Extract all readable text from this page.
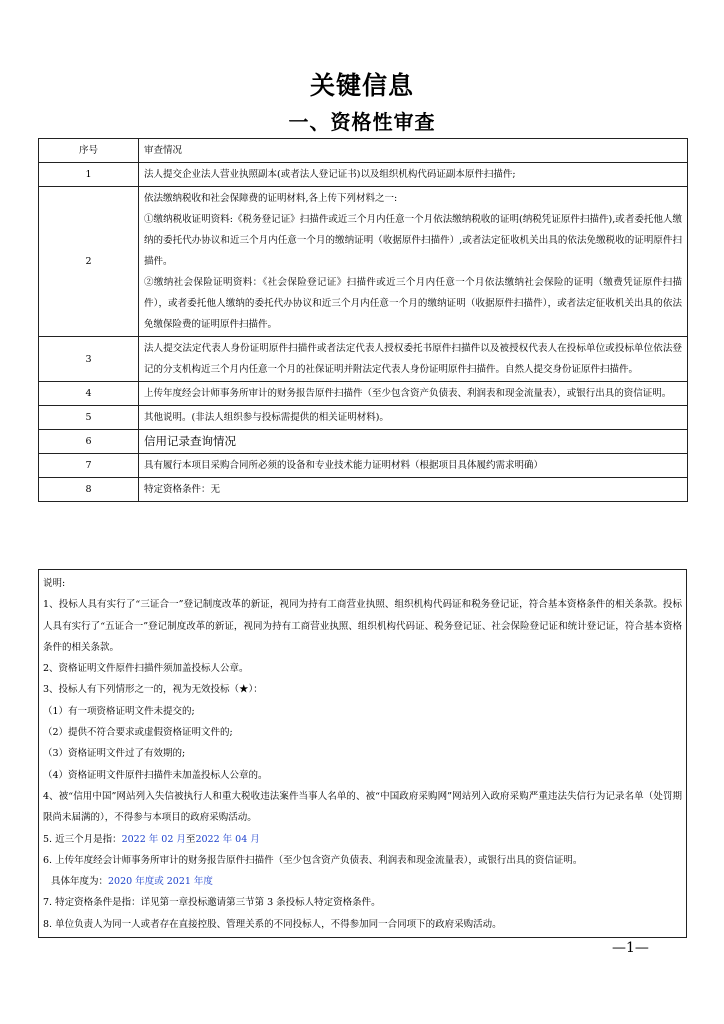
关键信息
一、资格性审查
序号	审查情况
1	法人提交企业法人营业执照副本(或者法人登记证书)以及组织机构代码证副本原件扫描件;
2	依法缴纳税收和社会保障费的证明材料,各上传下列材料之一:
①缴纳税收证明资料:《税务登记证》扫描件或近三个月内任意一个月依法缴纳税收的证明(纳税凭证原件扫描件),或者委托他人缴纳的委托代办协议和近三个月内任意一个月的缴纳证明（收据原件扫描件）,或者法定征收机关出具的依法免缴税收的证明原件扫描件。
②缴纳社会保险证明资料：《社会保险登记证》扫描件或近三个月内任意一个月依法缴纳社会保险的证明（缴费凭证原件扫描件），或者委托他人缴纳的委托代办协议和近三个月内任意一个月的缴纳证明（收据原件扫描件），或者法定征收机关出具的依法免缴保险费的证明原件扫描件。

3	法人提交法定代表人身份证明原件扫描件或者法定代表人授权委托书原件扫描件以及被授权代表人在投标单位或投标单位依法登记的分支机构近三个月内任意一个月的社保证明并附法定代表人身份证明原件扫描件。自然人提交身份证原件扫描件。
4	上传年度经会计师事务所审计的财务报告原件扫描件（至少包含资产负债表、利润表和现金流量表），或银行出具的资信证明。
5	其他说明。(非法人组织参与投标需提供的相关证明材料)。
6	信用记录查询情况
7	具有履行本项目采购合同所必须的设备和专业技术能力证明材料（根据项目具体履约需求明确）
8	特定资格条件：无

说明:

1、投标人具有实行了“三证合一”登记制度改革的新证，视同为持有工商营业执照、组织机构代码证和税务登记证，符合基本资格条件的相关条款。投标人具有实行了“五证合一”登记制度改革的新证，视同为持有工商营业执照、组织机构代码证、税务登记证、社会保险登记证和统计登记证，符合基本资格条件的相关条款。

2、资格证明文件原件扫描件须加盖投标人公章。

3、投标人有下列情形之一的，视为无效投标（★）：

（1）有一项资格证明文件未提交的;

（2）提供不符合要求或虚假资格证明文件的;

（3）资格证明文件过了有效期的;

（4）资格证明文件原件扫描件未加盖投标人公章的。

4、被“信用中国”网站列入失信被执行人和重大税收违法案件当事人名单的、被“中国政府采购网”网站列入政府采购严重违法失信行为记录名单（处罚期限尚未届满的），不得参与本项目的政府采购活动。

5. 近三个月是指：2022 年 02 月至2022 年 04 月

6. 上传年度经会计师事务所审计的财务报告原件扫描件（至少包含资产负债表、利润表和现金流量表），或银行出具的资信证明。

具体年度为：2020 年度或 2021 年度

7. 特定资格条件是指：详见第一章投标邀请第三节第 3 条投标人特定资格条件。

8. 单位负责人为同一人或者存在直接控股、管理关系的不同投标人，不得参加同一合同项下的政府采购活动。

—1—
